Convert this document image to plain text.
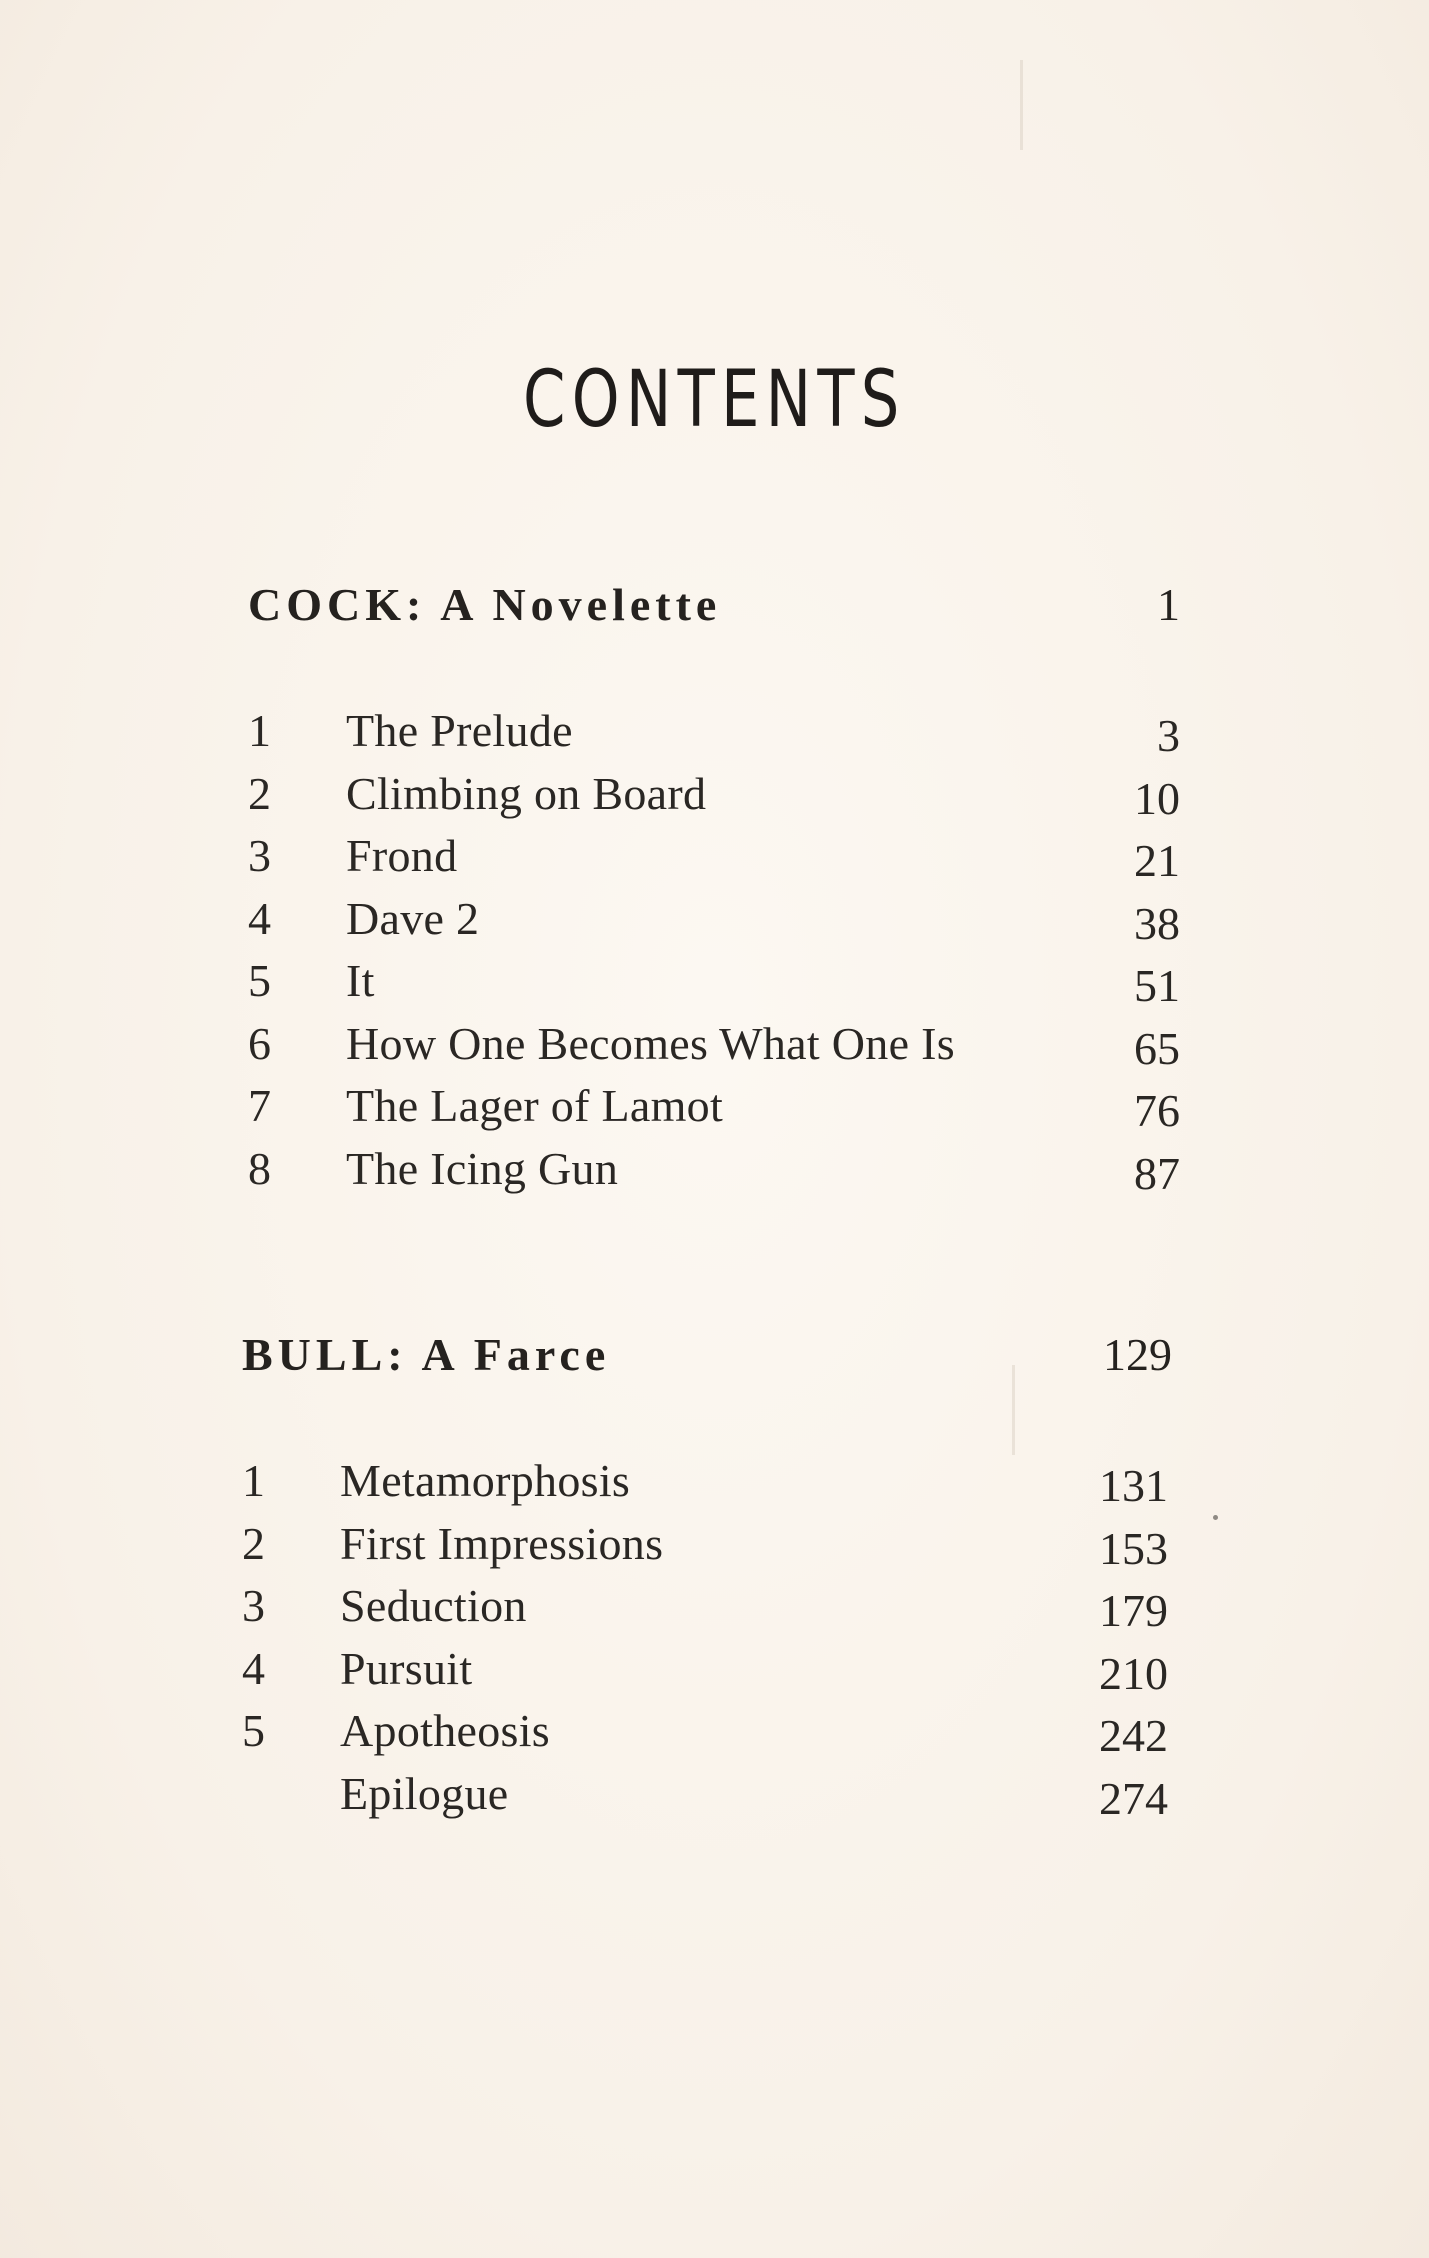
CONTENTS
COCK: A Novelette	1
1 The Prelude	3
2 Climbing on Board	10
3 Frond	21
4 Dave 2	38
5 It	51
6 How One Becomes What One Is	65
7 The Lager of Lamot	76
8 The Icing Gun	87
BULL: A Farce	129
1 Metamorphosis	131
2 First Impressions	153
3 Seduction	179
4 Pursuit	210
5 Apotheosis	242
Epilogue	274
